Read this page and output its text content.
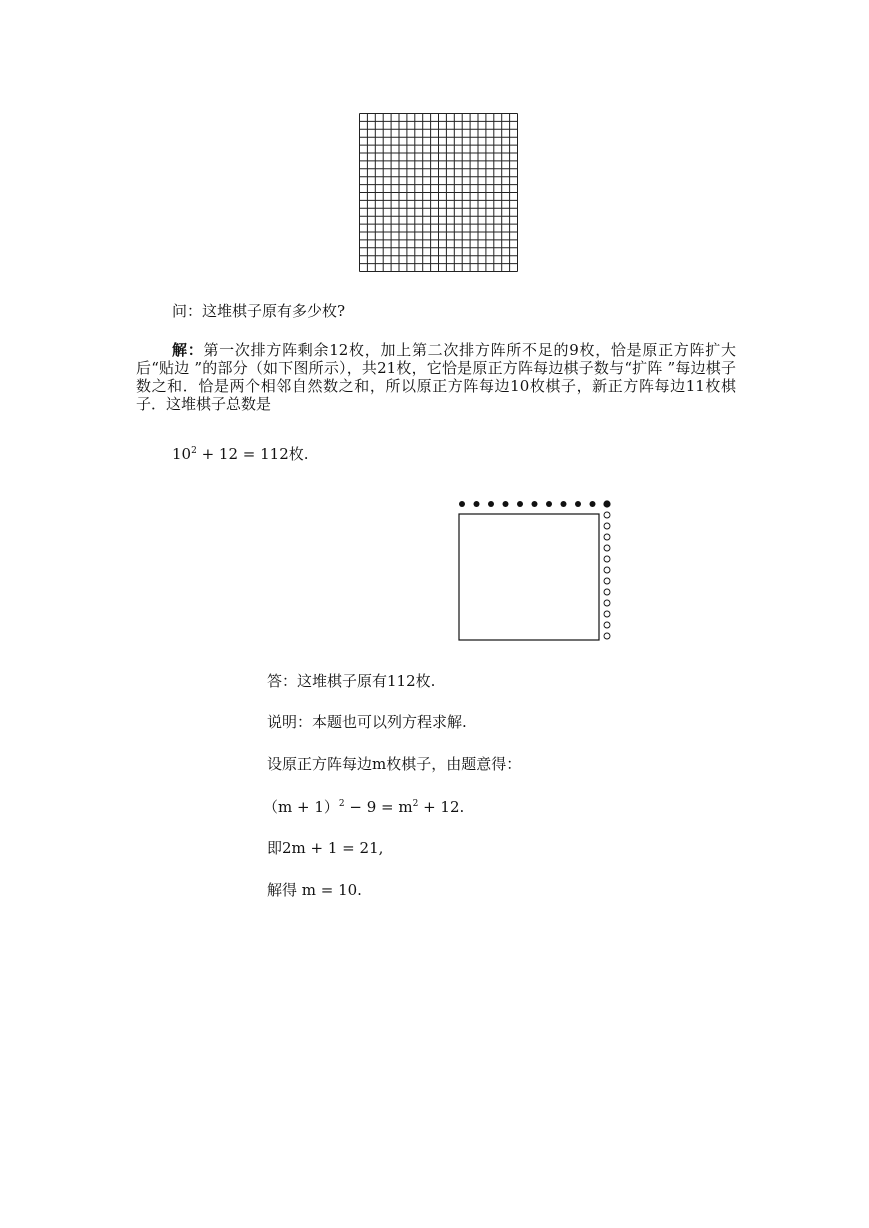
问：这堆棋子原有多少枚?
解：第一次排方阵剩余12枚，加上第二次排方阵所不足的9枚，恰是原正方阵扩大后“贴边 ”的部分（如下图所示），共21枚，它恰是原正方阵每边棋子数与“扩阵 ”每边棋子数之和．恰是两个相邻自然数之和，所以原正方阵每边10枚棋子，新正方阵每边11枚棋子．这堆棋子总数是
$10^2 + 12 = 112$枚.
答：这堆棋子原有112枚.
说明：本题也可以列方程求解.
设原正方阵每边m枚棋子，由题意得：
$(m + 1)^2 - 9 = m^2 + 12$.
即2m + 1 = 21,
解得 m = 10.
